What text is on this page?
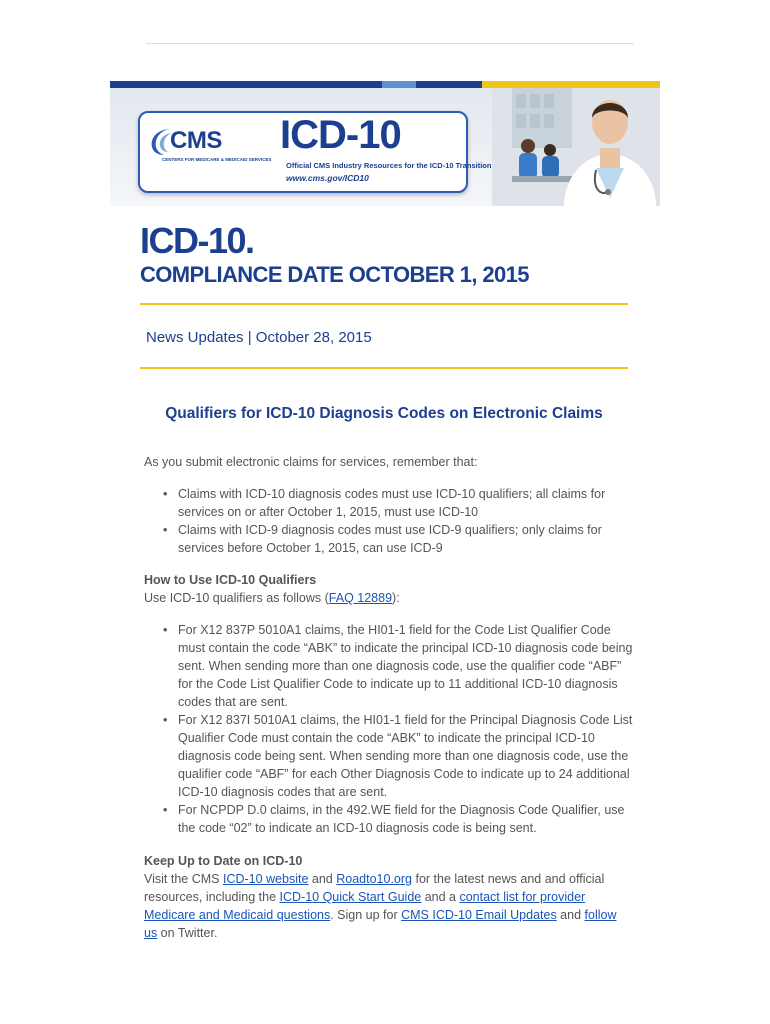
CMS
CENTERS FOR MEDICARE & MEDICAID SERVICES
ICD-10
Official CMS Industry Resources for the ICD-10 Transition
www.cms.gov/ICD10
ICD-10.
COMPLIANCE DATE OCTOBER 1, 2015
News Updates | October 28, 2015
Qualifiers for ICD-10 Diagnosis Codes on Electronic Claims
As you submit electronic claims for services, remember that:
• Claims with ICD-10 diagnosis codes must use ICD-10 qualifiers; all claims for services on or after October 1, 2015, must use ICD-10
• Claims with ICD-9 diagnosis codes must use ICD-9 qualifiers; only claims for services before October 1, 2015, can use ICD-9
How to Use ICD-10 Qualifiers
Use ICD-10 qualifiers as follows (FAQ 12889):
• For X12 837P 5010A1 claims, the HI01-1 field for the Code List Qualifier Code must contain the code “ABK” to indicate the principal ICD-10 diagnosis code being sent. When sending more than one diagnosis code, use the qualifier code “ABF” for the Code List Qualifier Code to indicate up to 11 additional ICD-10 diagnosis codes that are sent.
• For X12 837I 5010A1 claims, the HI01-1 field for the Principal Diagnosis Code List Qualifier Code must contain the code “ABK” to indicate the principal ICD-10 diagnosis code being sent. When sending more than one diagnosis code, use the qualifier code “ABF” for each Other Diagnosis Code to indicate up to 24 additional ICD-10 diagnosis codes that are sent.
• For NCPDP D.0 claims, in the 492.WE field for the Diagnosis Code Qualifier, use the code “02” to indicate an ICD-10 diagnosis code is being sent.
Keep Up to Date on ICD-10
Visit the CMS ICD-10 website and Roadto10.org for the latest news and and official resources, including the ICD-10 Quick Start Guide and a contact list for provider Medicare and Medicaid questions. Sign up for CMS ICD-10 Email Updates and follow us on Twitter.
